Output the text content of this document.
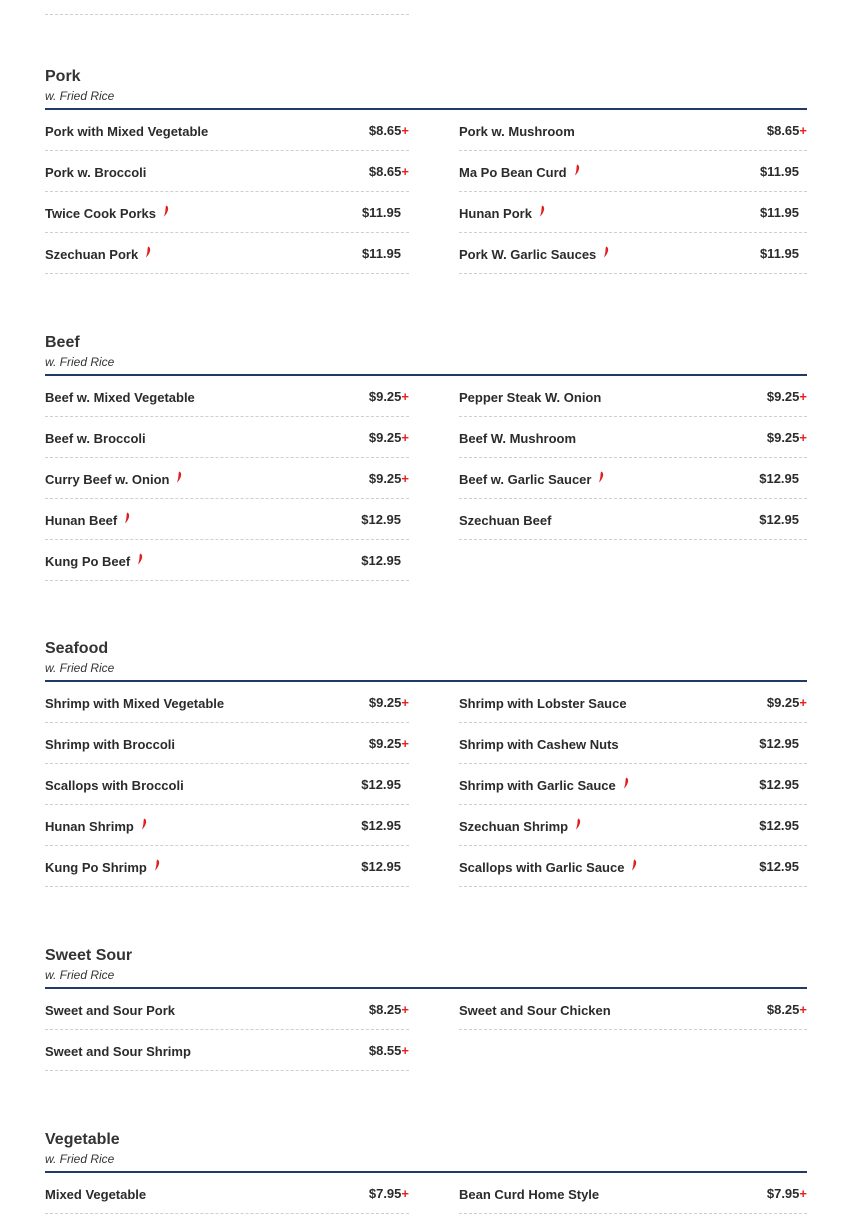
Pork
w. Fried Rice
Pork with Mixed Vegetable	$8.65+
Pork w. Broccoli	$8.65+
Twice Cook Porks	$11.95
Szechuan Pork	$11.95
Pork w. Mushroom	$8.65+
Ma Po Bean Curd	$11.95
Hunan Pork	$11.95
Pork W. Garlic Sauces	$11.95
Beef
w. Fried Rice
Beef w. Mixed Vegetable	$9.25+
Beef w. Broccoli	$9.25+
Curry Beef w. Onion	$9.25+
Hunan Beef	$12.95
Kung Po Beef	$12.95
Pepper Steak W. Onion	$9.25+
Beef W. Mushroom	$9.25+
Beef w. Garlic Saucer	$12.95
Szechuan Beef	$12.95
Seafood
w. Fried Rice
Shrimp with Mixed Vegetable	$9.25+
Shrimp with Broccoli	$9.25+
Scallops with Broccoli	$12.95
Hunan Shrimp	$12.95
Kung Po Shrimp	$12.95
Shrimp with Lobster Sauce	$9.25+
Shrimp with Cashew Nuts	$12.95
Shrimp with Garlic Sauce	$12.95
Szechuan Shrimp	$12.95
Scallops with Garlic Sauce	$12.95
Sweet Sour
w. Fried Rice
Sweet and Sour Pork	$8.25+
Sweet and Sour Shrimp	$8.55+
Sweet and Sour Chicken	$8.25+
Vegetable
w. Fried Rice
Mixed Vegetable	$7.95+	Bean Curd Home Style	$7.95+
